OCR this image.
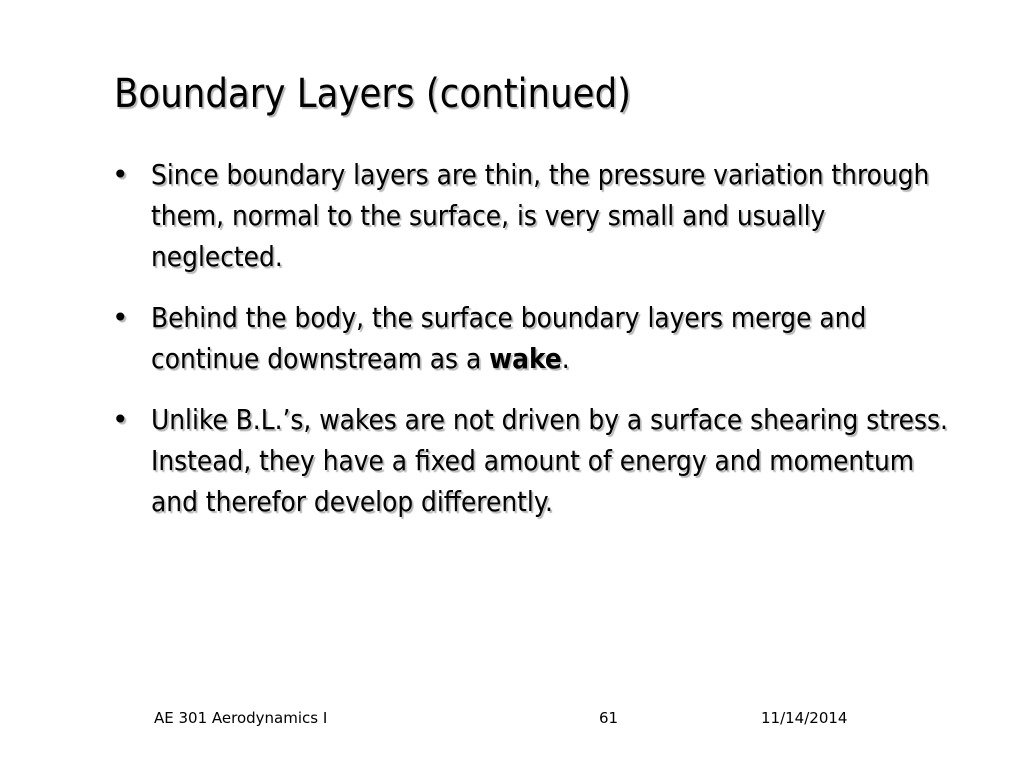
Boundary Layers (continued)
• Since boundary layers are thin, the pressure variation through them, normal to the surface, is very small and usually neglected.
• Behind the body, the surface boundary layers merge and continue downstream as a wake.
• Unlike B.L.’s, wakes are not driven by a surface shearing stress. Instead, they have a fixed amount of energy and momentum and therefor develop differently.
AE 301 Aerodynamics I	61	11/14/2014
